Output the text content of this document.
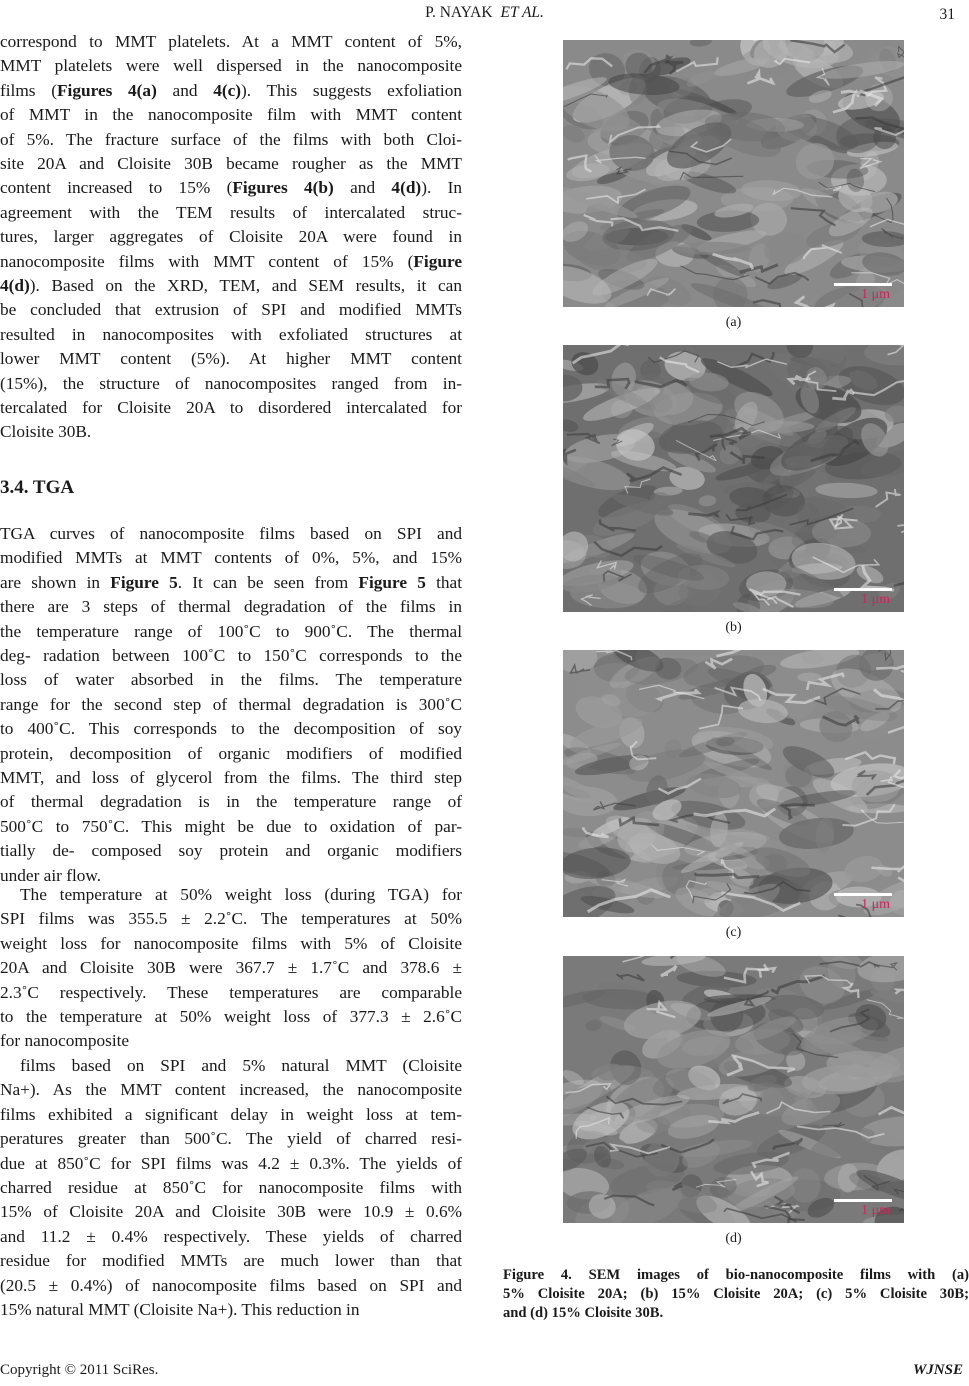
P. NAYAK ET AL.	31
correspond to MMT platelets. At a MMT content of 5%,
MMT platelets were well dispersed in the nanocomposite
films (Figures 4(a) and 4(c)). This suggests exfoliation
of MMT in the nanocomposite film with MMT content
of 5%. The fracture surface of the films with both Cloi-
site 20A and Cloisite 30B became rougher as the MMT
content increased to 15% (Figures 4(b) and 4(d)). In
agreement with the TEM results of intercalated struc-
tures, larger aggregates of Cloisite 20A were found in
nanocomposite films with MMT content of 15% (Figure
4(d)). Based on the XRD, TEM, and SEM results, it can
be concluded that extrusion of SPI and modified MMTs
resulted in nanocomposites with exfoliated structures at
lower MMT content (5%). At higher MMT content
(15%), the structure of nanocomposites ranged from in-
tercalated for Cloisite 20A to disordered intercalated for
Cloisite 30B.
3.4. TGA
TGA curves of nanocomposite films based on SPI and
modified MMTs at MMT contents of 0%, 5%, and 15%
are shown in Figure 5. It can be seen from Figure 5 that
there are 3 steps of thermal degradation of the films in
the temperature range of 100˚C to 900˚C. The thermal
deg- radation between 100˚C to 150˚C corresponds to the
loss of water absorbed in the films. The temperature
range for the second step of thermal degradation is 300˚C
to 400˚C. This corresponds to the decomposition of soy
protein, decomposition of organic modifiers of modified
MMT, and loss of glycerol from the films. The third step
of thermal degradation is in the temperature range of
500˚C to 750˚C. This might be due to oxidation of par-
tially de- composed soy protein and organic modifiers
under air flow.
The temperature at 50% weight loss (during TGA) for
SPI films was 355.5 ± 2.2˚C. The temperatures at 50%
weight loss for nanocomposite films with 5% of Cloisite
20A and Cloisite 30B were 367.7 ± 1.7˚C and 378.6 ±
2.3˚C respectively. These temperatures are comparable
to the temperature at 50% weight loss of 377.3 ± 2.6˚C
for nanocomposite
films based on SPI and 5% natural MMT (Cloisite
Na+). As the MMT content increased, the nanocomposite
films exhibited a significant delay in weight loss at tem-
peratures greater than 500˚C. The yield of charred resi-
due at 850˚C for SPI films was 4.2 ± 0.3%. The yields of
charred residue at 850˚C for nanocomposite films with
15% of Cloisite 20A and Cloisite 30B were 10.9 ± 0.6%
and 11.2 ± 0.4% respectively. These yields of charred
residue for modified MMTs are much lower than that
(20.5 ± 0.4%) of nanocomposite films based on SPI and
15% natural MMT (Cloisite Na+). This reduction in
1 μm
(a)
1 μm
(b)
1 μm
(c)
1 μm
(d)
Figure 4. SEM images of bio-nanocomposite films with (a)
5% Cloisite 20A; (b) 15% Cloisite 20A; (c) 5% Cloisite 30B;
and (d) 15% Cloisite 30B.
Copyright © 2011 SciRes.	WJNSE
